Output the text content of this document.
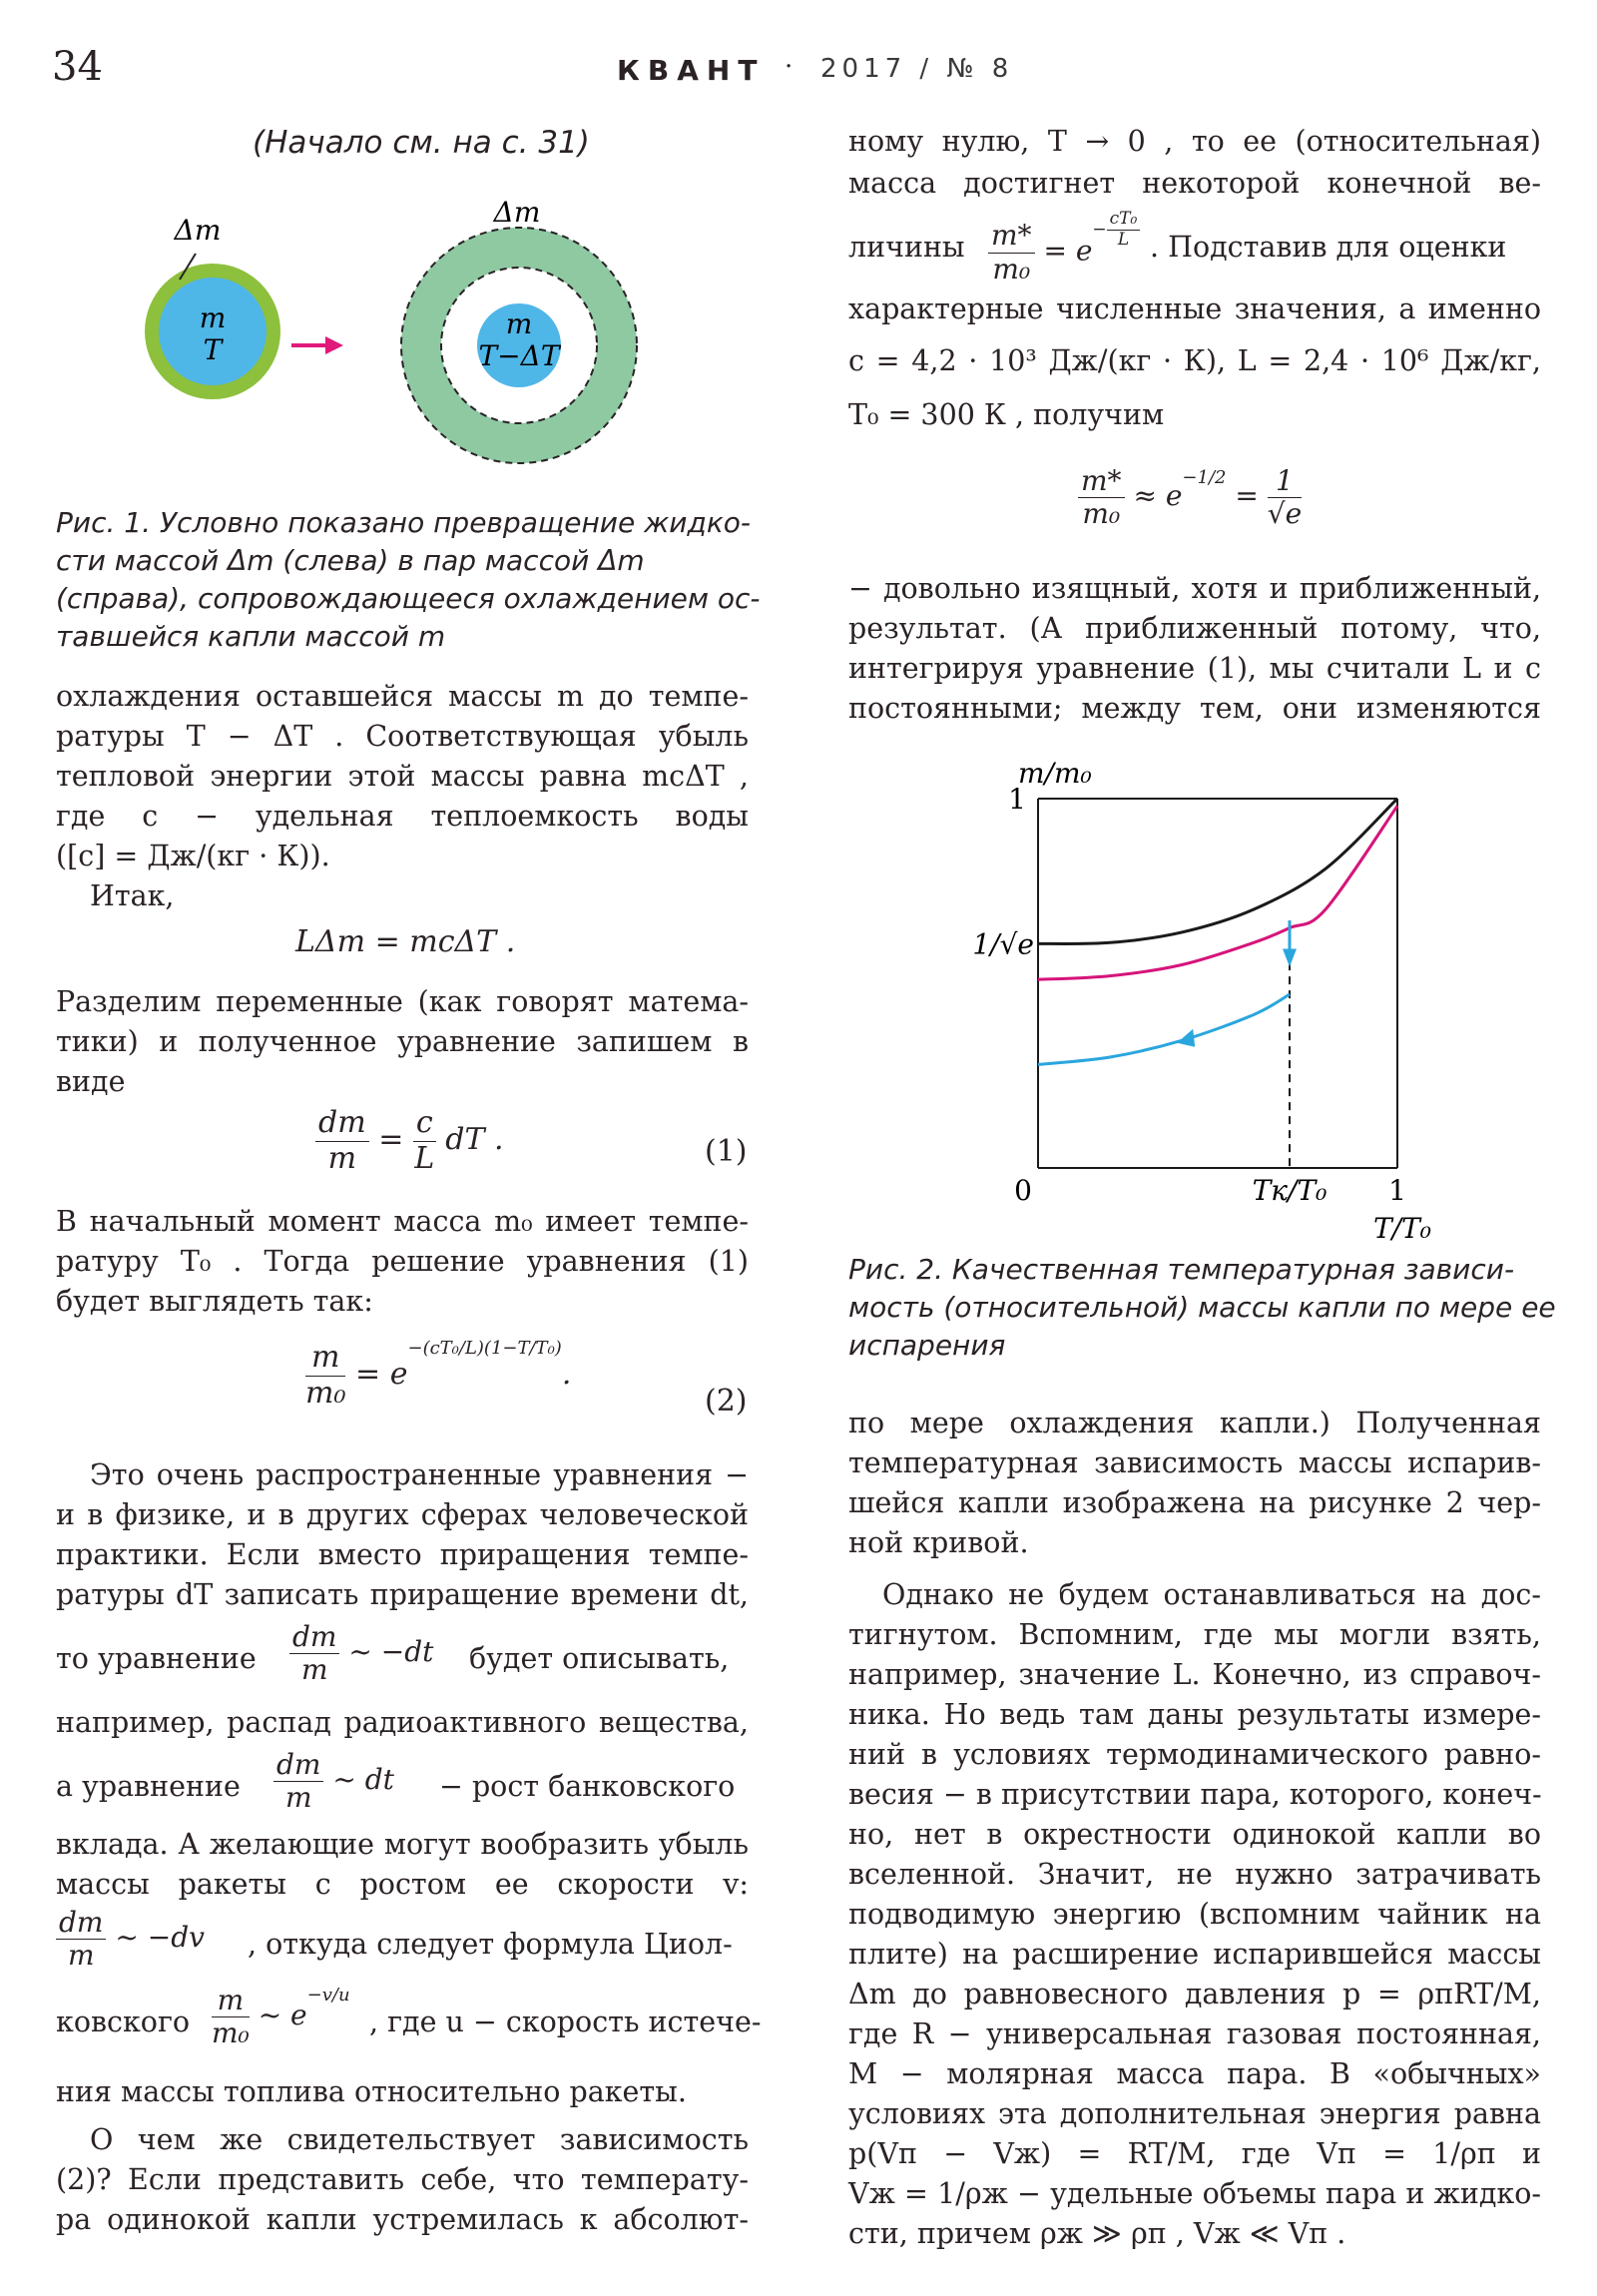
34	КВАНТ · 2017 / № 8
(Начало см. на с. 31)
Δm
m
T
Δm
m
T−ΔT
Рис. 1. Условно показано превращение жидко-
сти массой Δm (слева) в пар массой Δm
(справа), сопровождающееся охлаждением ос-
тавшейся капли массой m
охлаждения оставшейся массы m до темпе-
ратуры T − ΔT . Соответствующая убыль
тепловой энергии этой массы равна mcΔT ,
где c − удельная теплоемкость воды
([c] = Дж/(кг · К)).
Итак,
LΔm = mcΔT .
Разделим переменные (как говорят матема-
тики) и полученное уравнение запишем в
виде
$\frac{dm}{m} = \frac{c}{L}$ dT .	(1)
В начальный момент масса m₀ имеет темпе-
ратуру T₀ . Тогда решение уравнения (1)
будет выглядеть так:
$\frac{m}{\text{m₀}} = e^{-(cT_0/L)(1-T/T_0)}$.
(2)
Это очень распространенные уравнения −
и в физике, и в других сферах человеческой
практики. Если вместо приращения темпе-
ратуры dT записать приращение времени dt,
то уравнение $\frac{dm}{m}$ ~ −dt будет описывать,
например, распад радиоактивного вещества,
а уравнение $\frac{dm}{m}$ ~ dt − рост банковского
вклада. А желающие могут вообразить убыль
массы ракеты с ростом ее скорости v:
$\frac{dm}{m}$ ~ −dv , откуда следует формула Циол-
ковского $\frac{m}{\text{m₀}}$ ~ $e^{-v/u}$
, где u − скорость истече-
ния массы топлива относительно ракеты.
О чем же свидетельствует зависимость
(2)? Если представить себе, что температу-
ра одинокой капли устремилась к абсолют-
ному нулю, T → 0 , то ее (относительная)
масса достигнет некоторой конечной ве-
личины $\frac{m*}{\text{m₀}} = e^{- \frac{\text{cT₀}}{L}}$ . Подставив для оценки
характерные численные значения, а именно
c = 4,2 · 10³ Дж/(кг · К), L = 2,4 · 10⁶ Дж/кг,
T₀ = 300 К , получим
$\frac{m*}{\text{m₀}} \approx e^{-1/2} = \frac{1}{√e}$
− довольно изящный, хотя и приближенный,
результат. (А приближенный потому, что,
интегрируя уравнение (1), мы считали L и c
постоянными; между тем, они изменяются
m/m₀
1
1/√e
0	Tк/T₀ 1
T/T₀
Рис. 2. Качественная температурная зависи-
мость (относительной) массы капли по мере ее
испарения
по мере охлаждения капли.) Полученная
температурная зависимость массы испарив-
шейся капли изображена на рисунке 2 чер-
ной кривой.
Однако не будем останавливаться на дос-
тигнутом. Вспомним, где мы могли взять,
например, значение L. Конечно, из справоч-
ника. Но ведь там даны результаты измере-
ний в условиях термодинамического равно-
весия − в присутствии пара, которого, конеч-
но, нет в окрестности одинокой капли во
вселенной. Значит, не нужно затрачивать
подводимую энергию (вспомним чайник на
плите) на расширение испарившейся массы
Δm до равновесного давления p = ρпRT/M,
где R − универсальная газовая постоянная,
M − молярная масса пара. В «обычных»
условиях эта дополнительная энергия равна
p(Vп − Vж) = RT/M, где Vп = 1/ρп и
Vж = 1/ρж − удельные объемы пара и жидко-
сти, причем ρж ≫ ρп , Vж ≪ Vп .
